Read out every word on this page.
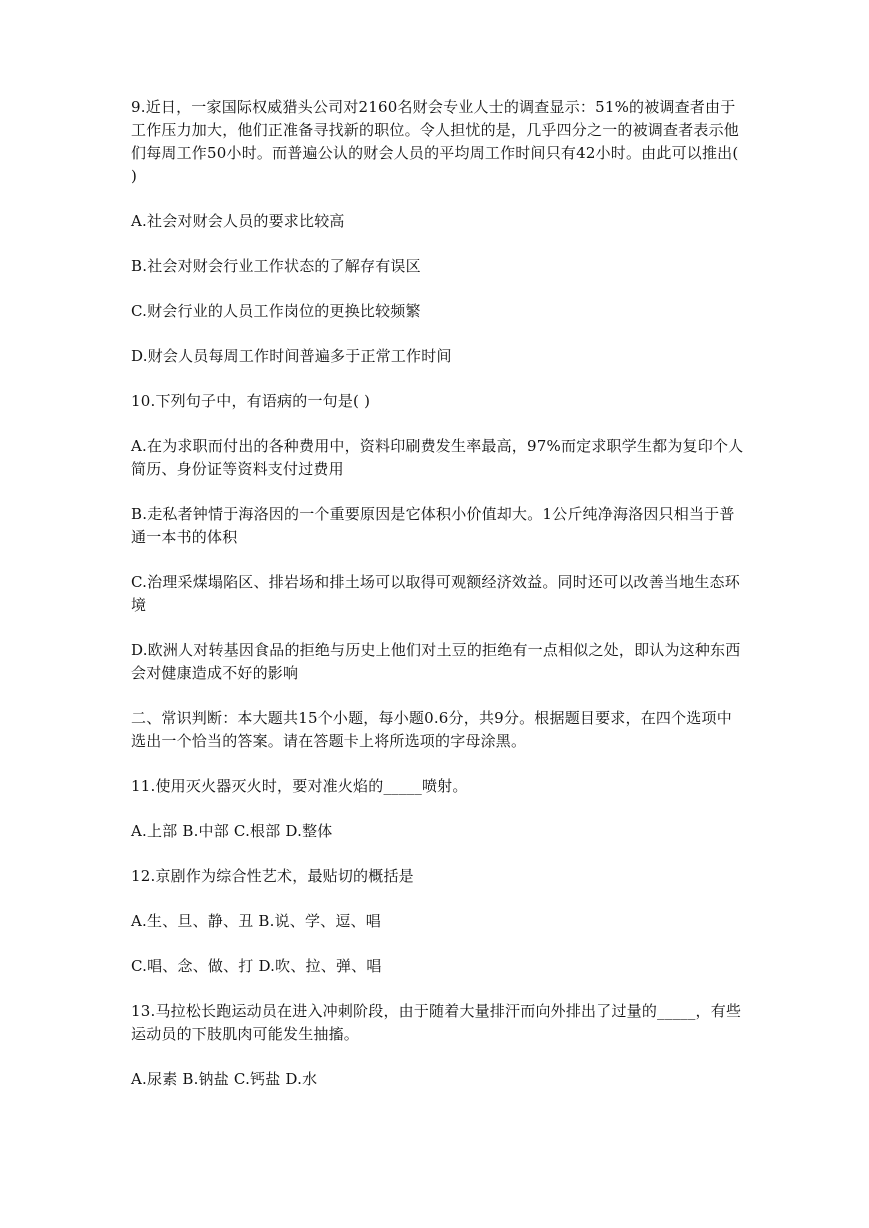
9.近日，一家国际权威猎头公司对2160名财会专业人士的调查显示：51%的被调查者由于工作压力加大，他们正准备寻找新的职位。令人担忧的是，几乎四分之一的被调查者表示他们每周工作50小时。而普遍公认的财会人员的平均周工作时间只有42小时。由此可以推出( )

A.社会对财会人员的要求比较高

B.社会对财会行业工作状态的了解存有误区

C.财会行业的人员工作岗位的更换比较频繁

D.财会人员每周工作时间普遍多于正常工作时间

10.下列句子中，有语病的一句是( )

A.在为求职而付出的各种费用中，资料印刷费发生率最高，97%而定求职学生都为复印个人简历、身份证等资料支付过费用

B.走私者钟情于海洛因的一个重要原因是它体积小价值却大。1公斤纯净海洛因只相当于普通一本书的体积

C.治理采煤塌陷区、排岩场和排土场可以取得可观额经济效益。同时还可以改善当地生态环境

D.欧洲人对转基因食品的拒绝与历史上他们对土豆的拒绝有一点相似之处，即认为这种东西会对健康造成不好的影响

二、常识判断：本大题共15个小题，每小题0.6分，共9分。根据题目要求，在四个选项中选出一个恰当的答案。请在答题卡上将所选项的字母涂黑。

11.使用灭火器灭火时，要对准火焰的_____喷射。

A.上部 B.中部 C.根部 D.整体

12.京剧作为综合性艺术，最贴切的概括是

A.生、旦、静、丑 B.说、学、逗、唱

C.唱、念、做、打 D.吹、拉、弹、唱

13.马拉松长跑运动员在进入冲刺阶段，由于随着大量排汗而向外排出了过量的_____，有些运动员的下肢肌肉可能发生抽搐。

A.尿素 B.钠盐 C.钙盐 D.水
